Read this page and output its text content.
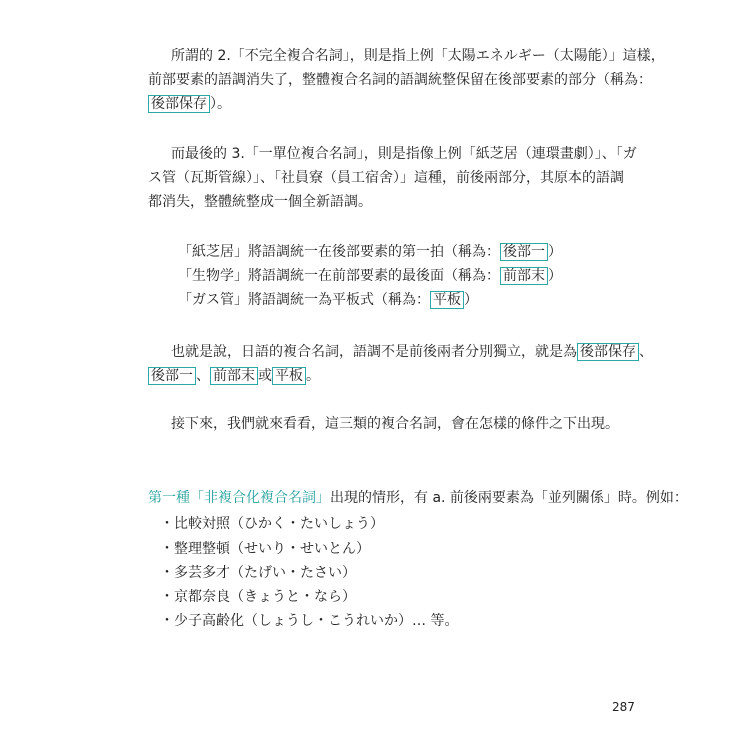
所謂的 2.「不完全複合名詞」，則是指上例「太陽エネルギー（太陽能）」這樣，

前部要素的語調消失了，整體複合名詞的語調統整保留在後部要素的部分（稱為：

後部保存 ）。

而最後的 3.「一單位複合名詞」，則是指像上例「紙芝居（連環畫劇）」、「ガ

ス管（瓦斯管線）」、「社員寮（員工宿舍）」這種，前後兩部分，其原本的語調

都消失，整體統整成一個全新語調。

「紙芝居」將語調統一在後部要素的第一拍（稱為： 後部一 ）

「生物学」將語調統一在前部要素的最後面（稱為： 前部末 ）

「ガス管」將語調統一為平板式（稱為： 平板 ）

也就是說，日語的複合名詞，語調不是前後兩者分別獨立，就是為 後部保存 、

後部一 、 前部末 或 平板 。

接下來，我們就來看看，這三類的複合名詞，會在怎樣的條件之下出現。

第一種「非複合化複合名詞」出現的情形，有 a. 前後兩要素為「並列關係」時。例如：

・比較対照（ひかく・たいしょう）

・整理整頓（せいり・せいとん）

・多芸多才（たげい・たさい）

・京都奈良（きょうと・なら）

・少子高齢化（しょうし・こうれいか）… 等。

287
